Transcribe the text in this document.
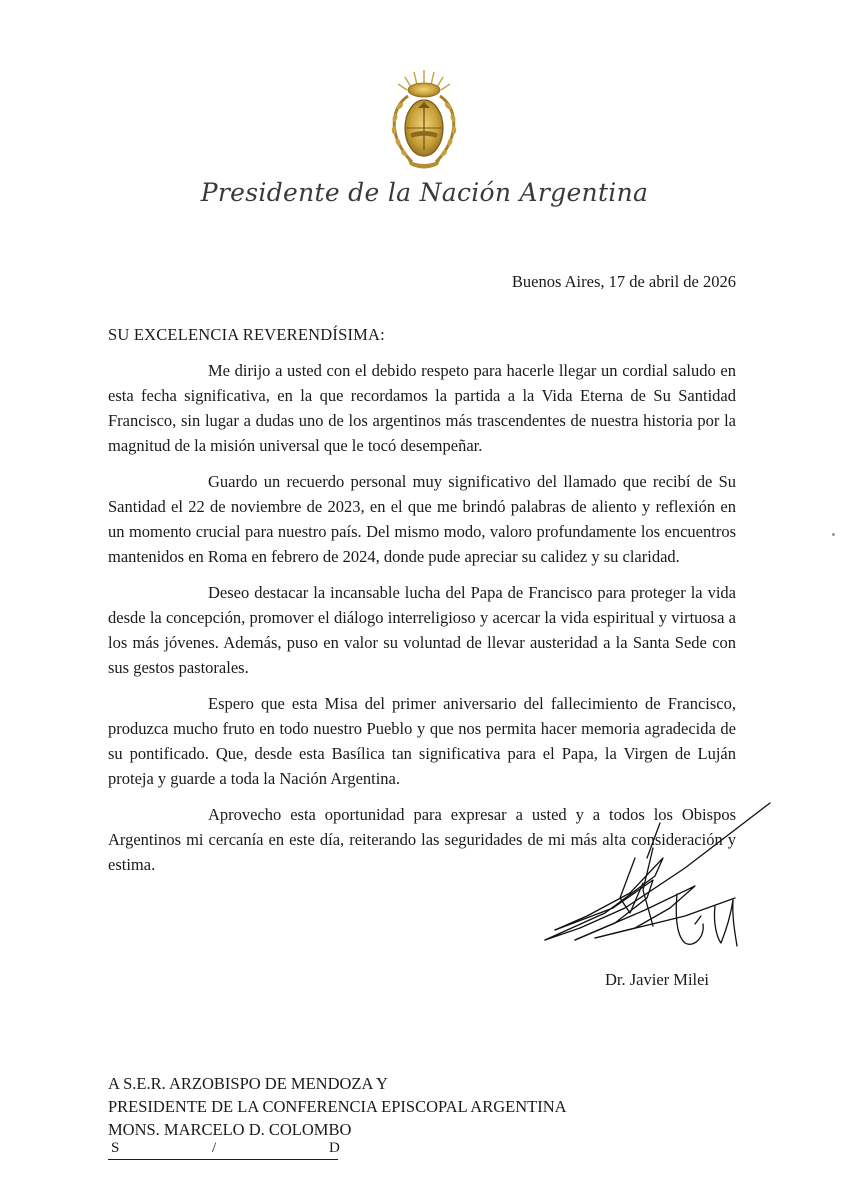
Presidente de la Nación Argentina
Buenos Aires, 17 de abril de 2026
SU EXCELENCIA REVERENDÍSIMA:

Me dirijo a usted con el debido respeto para hacerle llegar un cordial saludo en esta fecha significativa, en la que recordamos la partida a la Vida Eterna de Su Santidad Francisco, sin lugar a dudas uno de los argentinos más trascendentes de nuestra historia por la magnitud de la misión universal que le tocó desempeñar.

Guardo un recuerdo personal muy significativo del llamado que recibí de Su Santidad el 22 de noviembre de 2023, en el que me brindó palabras de aliento y reflexión en un momento crucial para nuestro país. Del mismo modo, valoro profundamente los encuentros mantenidos en Roma en febrero de 2024, donde pude apreciar su calidez y su claridad.

Deseo destacar la incansable lucha del Papa de Francisco para proteger la vida desde la concepción, promover el diálogo interreligioso y acercar la vida espiritual y virtuosa a los más jóvenes. Además, puso en valor su voluntad de llevar austeridad a la Santa Sede con sus gestos pastorales.

Espero que esta Misa del primer aniversario del fallecimiento de Francisco, produzca mucho fruto en todo nuestro Pueblo y que nos permita hacer memoria agradecida de su pontificado. Que, desde esta Basílica tan significativa para el Papa, la Virgen de Luján proteja y guarde a toda la Nación Argentina.

Aprovecho esta oportunidad para expresar a usted y a todos los Obispos Argentinos mi cercanía en este día, reiterando las seguridades de mi más alta consideración y estima.

Dr. Javier Milei
A S.E.R. ARZOBISPO DE MENDOZA Y
PRESIDENTE DE LA CONFERENCIA EPISCOPAL ARGENTINA
MONS. MARCELO D. COLOMBO
S	/	D
